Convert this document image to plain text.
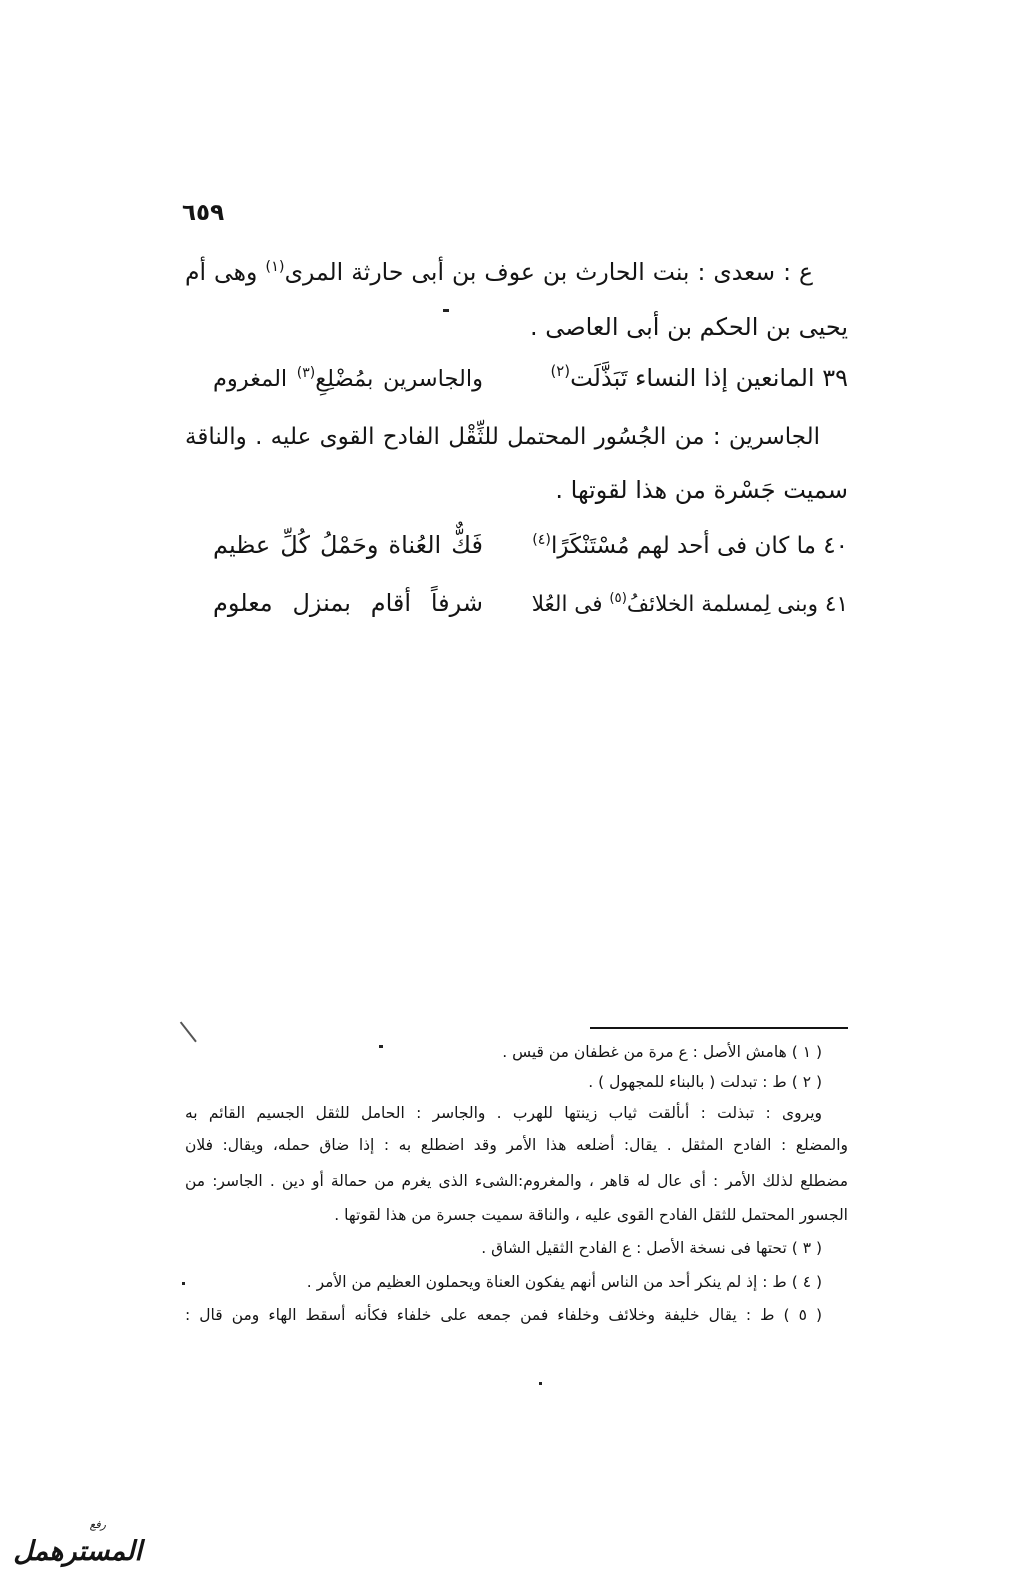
٦٥٩
ع : سعدى : بنت الحارث بن عوف بن أبى حارثة المرى$^{(١)}$ وهى أم
يحيى بن الحكم بن أبى العاصى .
٣٩ المانعين إذا النساء تَبَذَّلَت$^{(٢)}$
والجاسرين بمُضْلِعِ$^{(٣)}$ المغروم
الجاسرين : من الجُسُور المحتمل للثِّقْل الفادح القوى عليه . والناقة
سميت جَسْرة من هذا لقوتها .
٤٠ ما كان فى أحد لهم مُسْتَنْكَرًا$^{(٤)}$
فَكٌّ العُناة وحَمْلُ كُلِّ عظيم
٤١ وبنى لِمسلمة الخلائفُ$^{(٥)}$ فى العُلا
شرفاً أقام بمنزل معلوم
( ١ ) هامش الأصل : ع مرة من غطفان من قيس .
( ٢ ) ط : تبدلت ( بالبناء للمجهول ) .
ويروى : تبذلت : أىألقت ثياب زينتها للهرب . والجاسر : الحامل للثقل الجسيم القائم به
والمضلع : الفادح المثقل . يقال: أضلعه هذا الأمر وقد اضطلع به : إذا ضاق حمله، ويقال: فلان
مضطلع لذلك الأمر : أى عال له قاهر ، والمغروم:الشىء الذى يغرم من حمالة أو دين . الجاسر: من
الجسور المحتمل للثقل الفادح القوى عليه ، والناقة سميت جسرة من هذا لقوتها .
( ٣ ) تحتها فى نسخة الأصل : ع الفادح الثقيل الشاق .
( ٤ ) ط : إذ لم ينكر أحد من الناس أنهم يفكون العناة ويحملون العظيم من الأمر .
( ٥ ) ط : يقال خليفة وخلائف وخلفاء فمن جمعه على خلفاء فكأنه أسقط الهاء ومن قال :
رفع
المسترهمل
